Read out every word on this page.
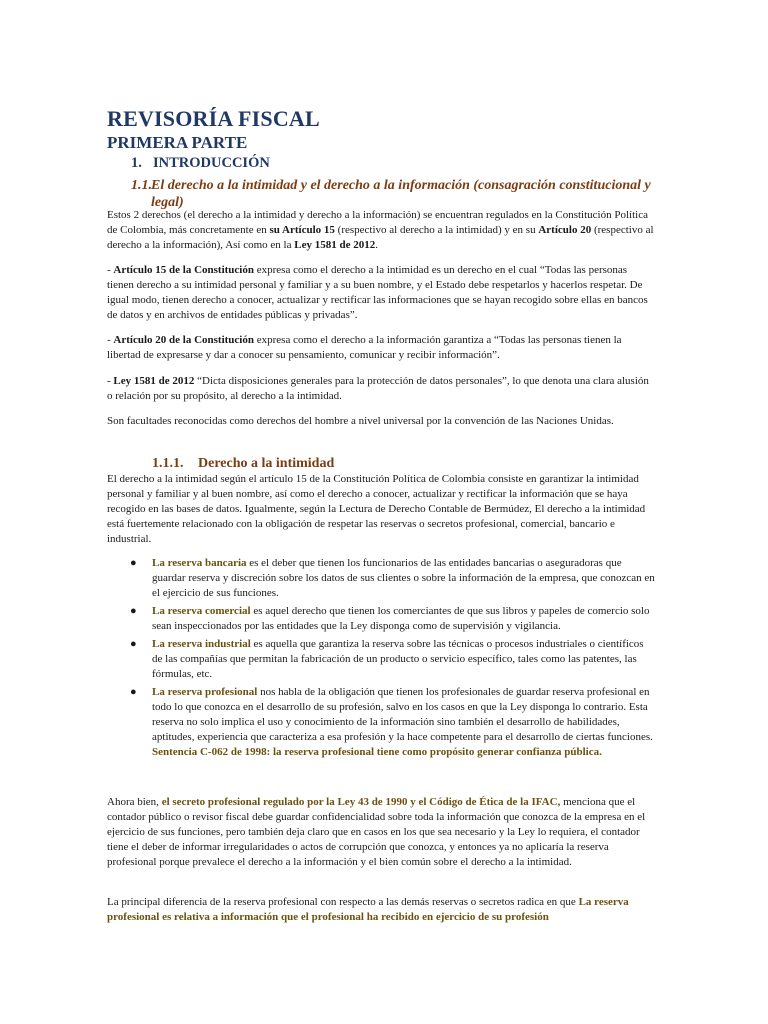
REVISORÍA FISCAL
PRIMERA PARTE
1. INTRODUCCIÓN
1.1.El derecho a la intimidad y el derecho a la información (consagración constitucional y
legal)

Estos 2 derechos (el derecho a la intimidad y derecho a la información) se encuentran regulados en la Constitución Política de Colombia, más concretamente en su Artículo 15 (respectivo al derecho a la intimidad) y en su Artículo 20 (respectivo al derecho a la información), Así como en la Ley 1581 de 2012.

- Artículo 15 de la Constitución expresa como el derecho a la intimidad es un derecho en el cual “Todas las personas tienen derecho a su intimidad personal y familiar y a su buen nombre, y el Estado debe respetarlos y hacerlos respetar. De igual modo, tienen derecho a conocer, actualizar y rectificar las informaciones que se hayan recogido sobre ellas en bancos de datos y en archivos de entidades públicas y privadas”.

- Artículo 20 de la Constitución expresa como el derecho a la información garantiza a “Todas las personas tienen la libertad de expresarse y dar a conocer su pensamiento, comunicar y recibir información”.

- Ley 1581 de 2012 “Dicta disposiciones generales para la protección de datos personales”, lo que denota una clara alusión o relación por su propósito, al derecho a la intimidad.

Son facultades reconocidas como derechos del hombre a nivel universal por la convención de las Naciones Unidas.

1.1.1. Derecho a la intimidad

El derecho a la intimidad según el artículo 15 de la Constitución Política de Colombia consiste en garantizar la intimidad personal y familiar y al buen nombre, así como el derecho a conocer, actualizar y rectificar la información que se haya recogido en las bases de datos. Igualmente, según la Lectura de Derecho Contable de Bermúdez, El derecho a la intimidad está fuertemente relacionado con la obligación de respetar las reservas o secretos profesional, comercial, bancario e industrial.

● La reserva bancaria es el deber que tienen los funcionarios de las entidades bancarias o aseguradoras que guardar reserva y discreción sobre los datos de sus clientes o sobre la información de la empresa, que conozcan en el ejercicio de sus funciones.
● La reserva comercial es aquel derecho que tienen los comerciantes de que sus libros y papeles de comercio solo sean inspeccionados por las entidades que la Ley disponga como de supervisión y vigilancia.
● La reserva industrial es aquella que garantiza la reserva sobre las técnicas o procesos industriales o científicos de las compañías que permitan la fabricación de un producto o servicio específico, tales como las patentes, las fórmulas, etc.
● La reserva profesional nos habla de la obligación que tienen los profesionales de guardar reserva profesional en todo lo que conozca en el desarrollo de su profesión, salvo en los casos en que la Ley disponga lo contrario. Esta reserva no solo implica el uso y conocimiento de la información sino también el desarrollo de habilidades, aptitudes, experiencia que caracteriza a esa profesión y la hace competente para el desarrollo de ciertas funciones. Sentencia C-062 de 1998: la reserva profesional tiene como propósito generar confianza pública.

Ahora bien, el secreto profesional regulado por la Ley 43 de 1990 y el Código de Ética de la IFAC, menciona que el contador público o revisor fiscal debe guardar confidencialidad sobre toda la información que conozca de la empresa en el ejercicio de sus funciones, pero también deja claro que en casos en los que sea necesario y la Ley lo requiera, el contador tiene el deber de informar irregularidades o actos de corrupción que conozca, y entonces ya no aplicaría la reserva profesional porque prevalece el derecho a la información y el bien común sobre el derecho a la intimidad.

La principal diferencia de la reserva profesional con respecto a las demás reservas o secretos radica en que La reserva profesional es relativa a información que el profesional ha recibido en ejercicio de su profesión
